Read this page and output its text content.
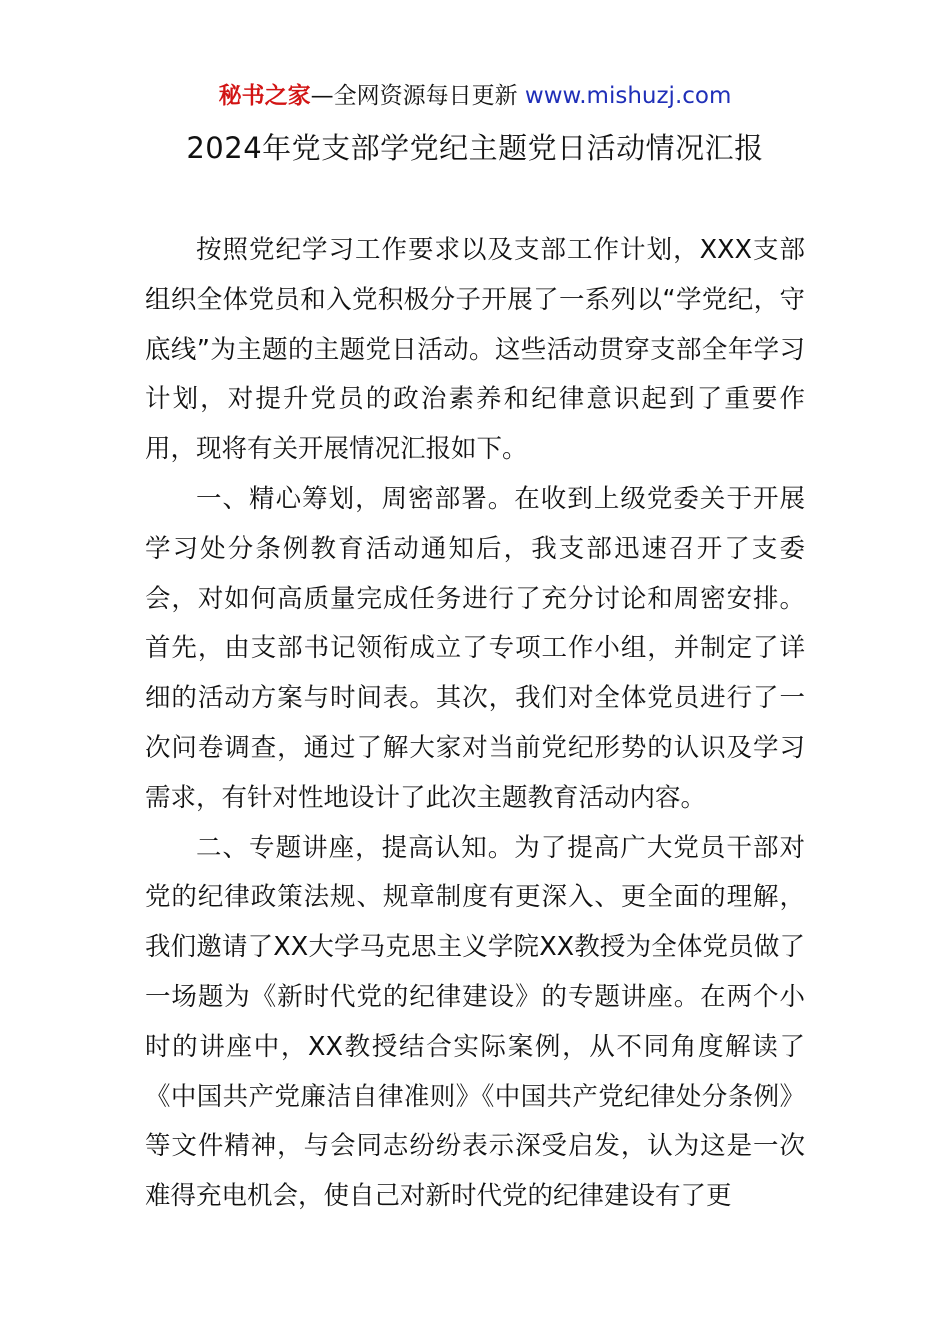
秘书之家—全网资源每日更新 www.mishuzj.com
2024年党支部学党纪主题党日活动情况汇报

按照党纪学习工作要求以及支部工作计划，XXX支部组织全体党员和入党积极分子开展了一系列以“学党纪，守底线”为主题的主题党日活动。这些活动贯穿支部全年学习计划，对提升党员的政治素养和纪律意识起到了重要作用，现将有关开展情况汇报如下。

一、精心筹划，周密部署。在收到上级党委关于开展学习处分条例教育活动通知后，我支部迅速召开了支委会，对如何高质量完成任务进行了充分讨论和周密安排。首先，由支部书记领衔成立了专项工作小组，并制定了详细的活动方案与时间表。其次，我们对全体党员进行了一次问卷调查，通过了解大家对当前党纪形势的认识及学习需求，有针对性地设计了此次主题教育活动内容。

二、专题讲座，提高认知。为了提高广大党员干部对党的纪律政策法规、规章制度有更深入、更全面的理解，我们邀请了XX大学马克思主义学院XX教授为全体党员做了一场题为《新时代党的纪律建设》的专题讲座。在两个小时的讲座中，XX教授结合实际案例，从不同角度解读了《中国共产党廉洁自律准则》《中国共产党纪律处分条例》等文件精神，与会同志纷纷表示深受启发，认为这是一次难得充电机会，使自己对新时代党的纪律建设有了更
